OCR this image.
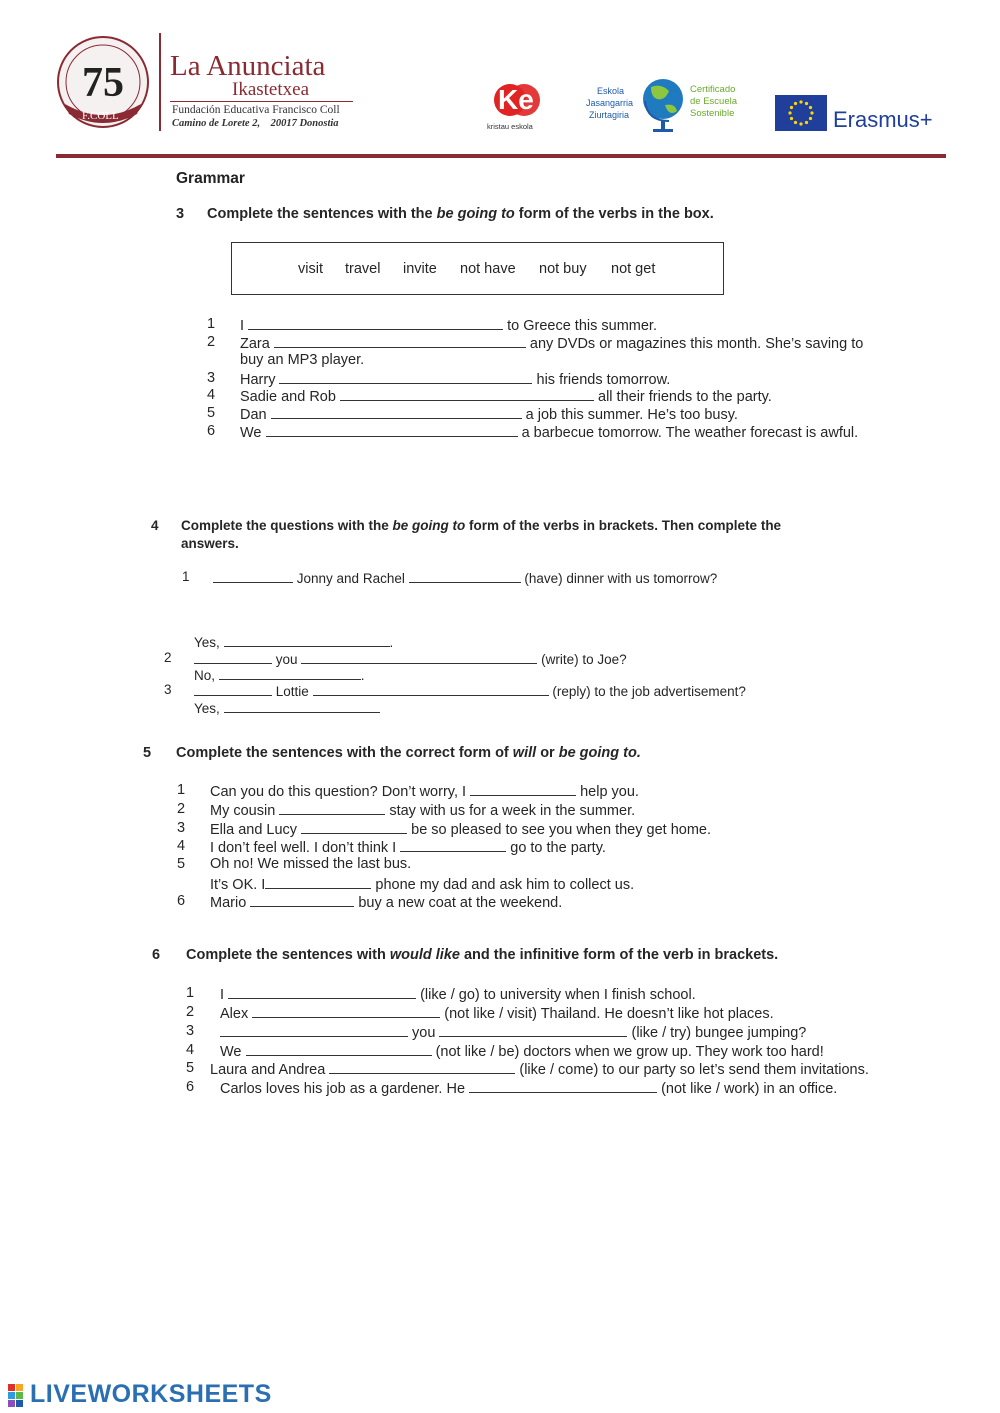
75
F.COLL
La Anunciata
Ikastetxea
Fundación Educativa Francisco Coll
Camino de Lorete 2,    20017 Donostia
Ke
kristau eskola
Eskola
Jasangarria
Ziurtagiria
Certificado
de Escuela
Sostenible	Erasmus+
Grammar
3 Complete the sentences with the be going to form of the verbs in the box.
visit travel invite not have not buy not get
1 I	to Greece this summer.
2 Zara	any DVDs or magazines this month. She’s saving to
buy an MP3 player.
3 Harry	his friends tomorrow.
4 Sadie and Rob	all their friends to the party.
5 Dan	a job this summer. He’s too busy.
6 We	a barbecue tomorrow. The weather forecast is awful.
4 Complete the questions with the be going to form of the verbs in brackets. Then complete the
answers.
1	Jonny and Rachel	(have) dinner with us tomorrow?
Yes,	.
2	you	(write) to Joe?
No,	.
3	Lottie	(reply) to the job advertisement?
Yes,
5 Complete the sentences with the correct form of will or be going to.
1 Can you do this question? Don’t worry, I	help you.
2 My cousin	stay with us for a week in the summer.
3 Ella and Lucy	be so pleased to see you when they get home.
4 I don’t feel well. I don’t think I	go to the party.
5 Oh no! We missed the last bus.
It’s OK. I	phone my dad and ask him to collect us.
6 Mario	buy a new coat at the weekend.
6 Complete the sentences with would like and the infinitive form of the verb in brackets.
1 I	(like / go) to university when I finish school.
2 Alex	(not like / visit) Thailand. He doesn’t like hot places.
3	you	(like / try) bungee jumping?
4 We	(not like / be) doctors when we grow up. They work too hard!
5 Laura and Andrea	(like / come) to our party so let’s send them invitations.
6 Carlos loves his job as a gardener. He	(not like / work) in an office.
LIVEWORKSHEETS
